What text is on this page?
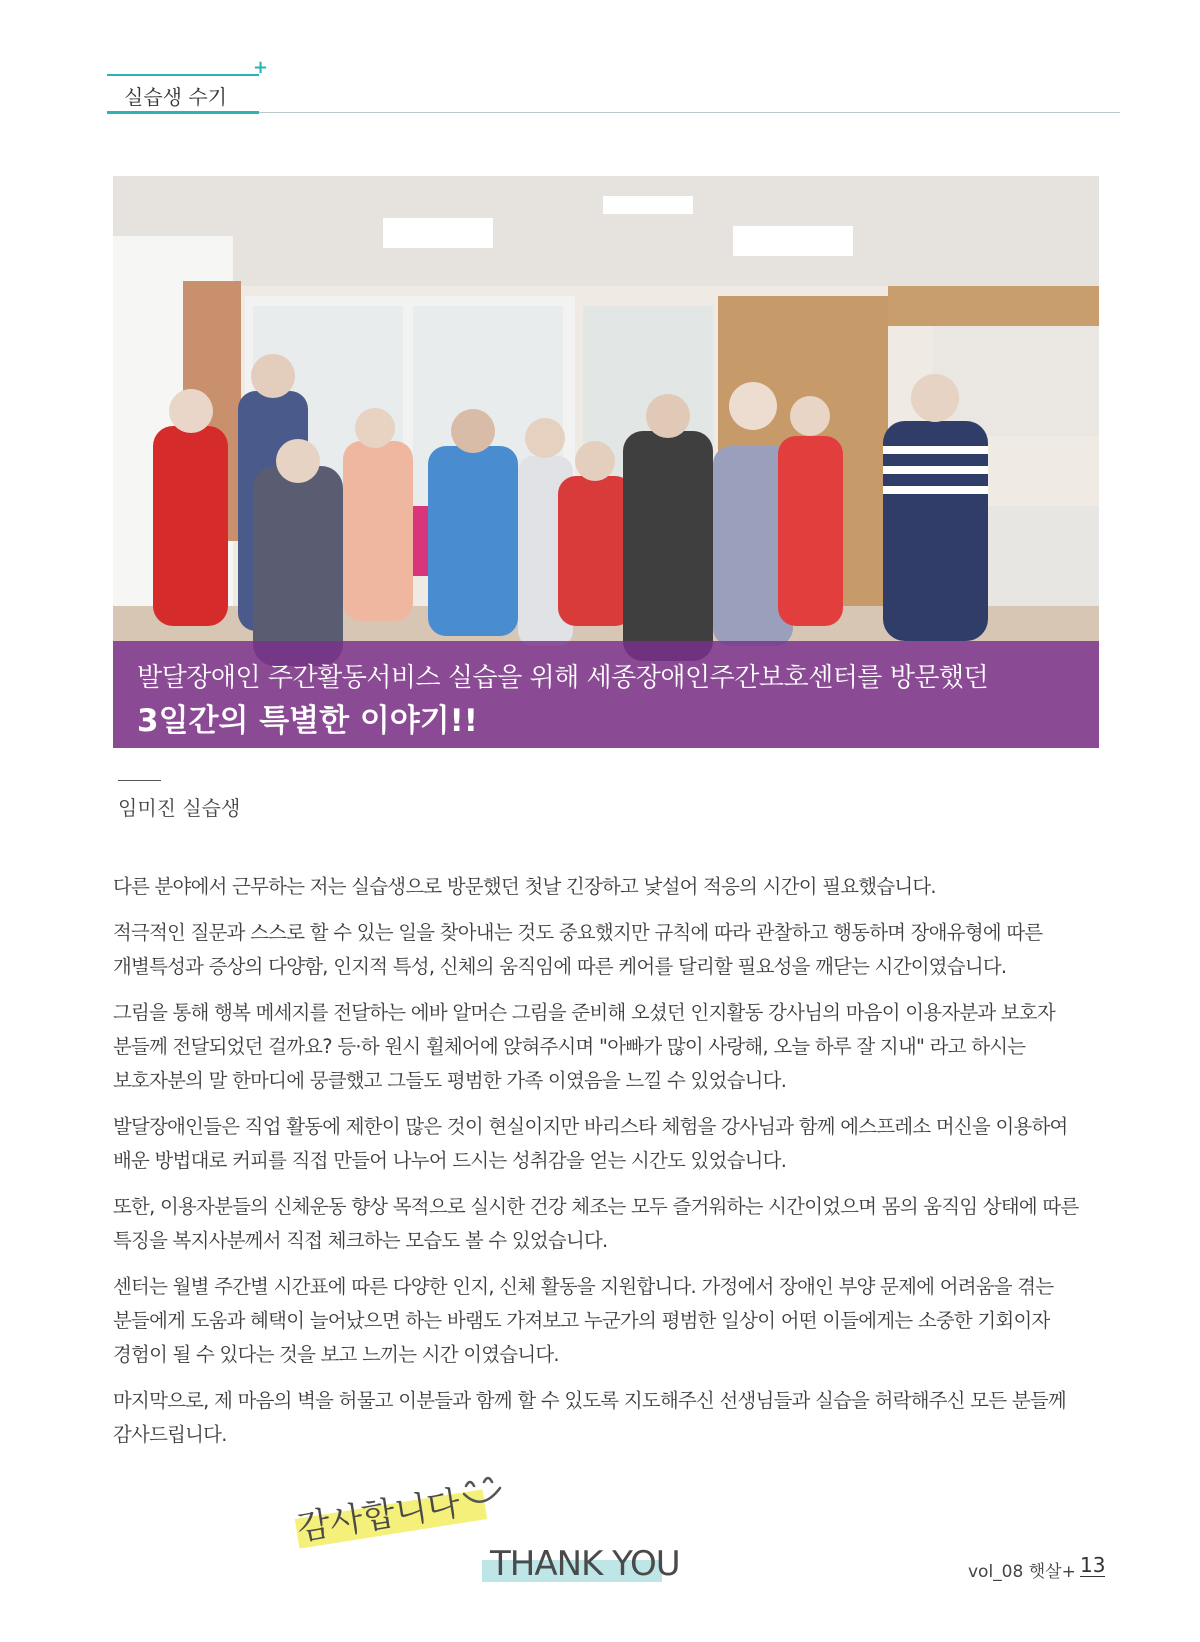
+
실습생 수기
발달장애인 주간활동서비스 실습을 위해 세종장애인주간보호센터를 방문했던
3일간의 특별한 이야기!!
임미진 실습생

다른 분야에서 근무하는 저는 실습생으로 방문했던 첫날 긴장하고 낯설어 적응의 시간이 필요했습니다.

적극적인 질문과 스스로 할 수 있는 일을 찾아내는 것도 중요했지만 규칙에 따라 관찰하고 행동하며 장애유형에 따른 개별특성과 증상의 다양함, 인지적 특성, 신체의 움직임에 따른 케어를 달리할 필요성을 깨닫는 시간이였습니다.

그림을 통해 행복 메세지를 전달하는 에바 알머슨 그림을 준비해 오셨던 인지활동 강사님의 마음이 이용자분과 보호자 분들께 전달되었던 걸까요? 등·하 원시 휠체어에 앉혀주시며 "아빠가 많이 사랑해, 오늘 하루 잘 지내" 라고 하시는 보호자분의 말 한마디에 뭉클했고 그들도 평범한 가족 이였음을 느낄 수 있었습니다.

발달장애인들은 직업 활동에 제한이 많은 것이 현실이지만 바리스타 체험을 강사님과 함께 에스프레소 머신을 이용하여 배운 방법대로 커피를 직접 만들어 나누어 드시는 성취감을 얻는 시간도 있었습니다.

또한, 이용자분들의 신체운동 향상 목적으로 실시한 건강 체조는 모두 즐거워하는 시간이었으며 몸의 움직임 상태에 따른 특징을 복지사분께서 직접 체크하는 모습도 볼 수 있었습니다.

센터는 월별 주간별 시간표에 따른 다양한 인지, 신체 활동을 지원합니다. 가정에서 장애인 부양 문제에 어려움을 겪는 분들에게 도움과 혜택이 늘어났으면 하는 바램도 가져보고 누군가의 평범한 일상이 어떤 이들에게는 소중한 기회이자 경험이 될 수 있다는 것을 보고 느끼는 시간 이였습니다.

마지막으로, 제 마음의 벽을 허물고 이분들과 함께 할 수 있도록 지도해주신 선생님들과 실습을 허락해주신 모든 분들께 감사드립니다.

감사합니다
THANK YOU	vol_08 햇살+ 13
